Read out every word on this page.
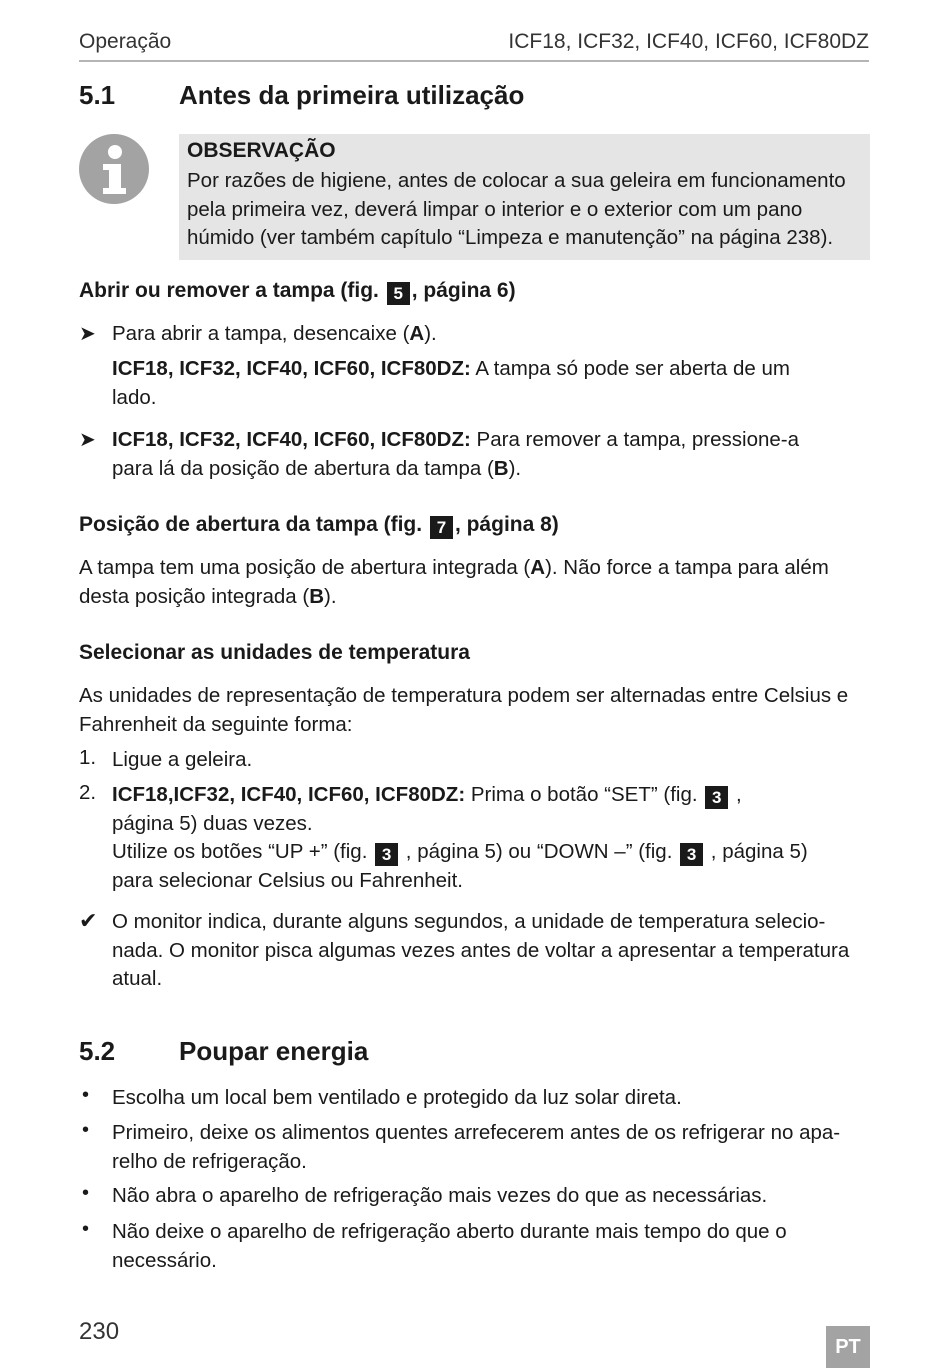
Operação	ICF18, ICF32, ICF40, ICF60, ICF80DZ
5.1 Antes da primeira utilização
OBSERVAÇÃO
Por razões de higiene, antes de colocar a sua geleira em funcionamento
pela primeira vez, deverá limpar o interior e o exterior com um pano
húmido (ver também capítulo “Limpeza e manutenção” na página 238).
Abrir ou remover a tampa (fig. 5 , página 6)
➤ Para abrir a tampa, desencaixe (A).
ICF18, ICF32, ICF40, ICF60, ICF80DZ: A tampa só pode ser aberta de um
lado.
➤ ICF18, ICF32, ICF40, ICF60, ICF80DZ: Para remover a tampa, pressione-a
para lá da posição de abertura da tampa (B).
Posição de abertura da tampa (fig. 7 , página 8)
A tampa tem uma posição de abertura integrada (A). Não force a tampa para além
desta posição integrada (B).
Selecionar as unidades de temperatura
As unidades de representação de temperatura podem ser alternadas entre Celsius e
Fahrenheit da seguinte forma:
1. Ligue a geleira.
2. ICF18,ICF32, ICF40, ICF60, ICF80DZ: Prima o botão “SET” (fig. 3 ,
página 5) duas vezes.
Utilize os botões “UP +” (fig. 3 , página 5) ou “DOWN –” (fig. 3 , página 5)
para selecionar Celsius ou Fahrenheit.
✔ O monitor indica, durante alguns segundos, a unidade de temperatura selecio-
nada. O monitor pisca algumas vezes antes de voltar a apresentar a temperatura
atual.
5.2 Poupar energia
• Escolha um local bem ventilado e protegido da luz solar direta.
• Primeiro, deixe os alimentos quentes arrefecerem antes de os refrigerar no apa-
relho de refrigeração.
• Não abra o aparelho de refrigeração mais vezes do que as necessárias.
• Não deixe o aparelho de refrigeração aberto durante mais tempo do que o
necessário.
230
PT
